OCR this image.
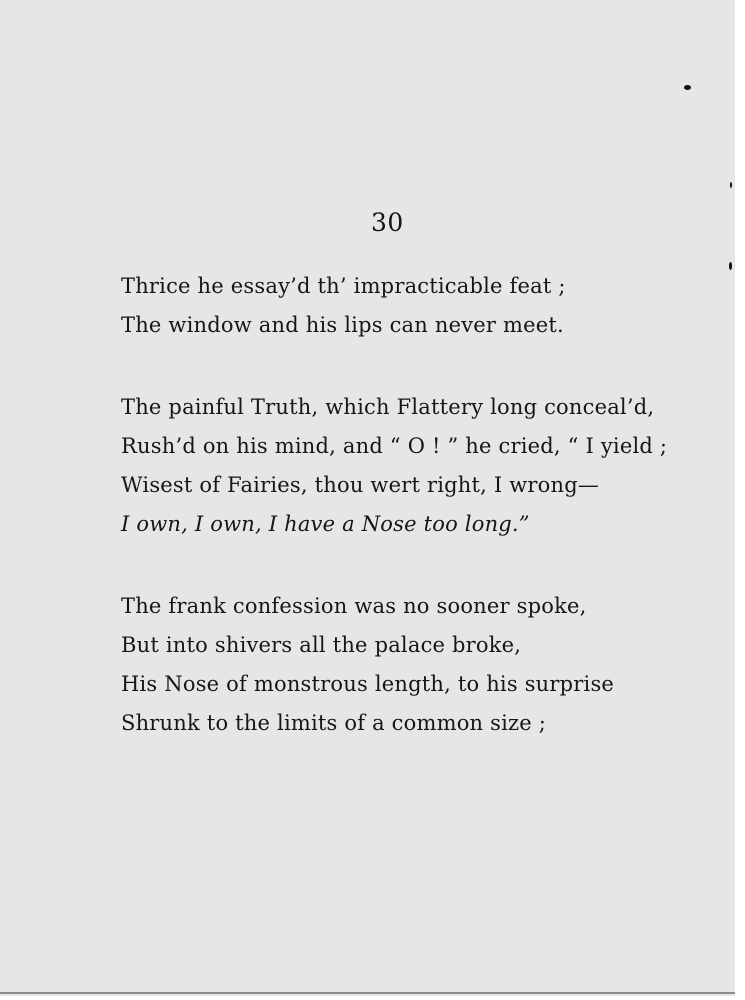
30
Thrice he essay’d th’ impracticable feat ;
The window and his lips can never meet.
The painful Truth, which Flattery long conceal’d,
Rush’d on his mind, and “ O ! ” he cried, “ I yield ;
Wisest of Fairies, thou wert right, I wrong—
I own, I own, I have a Nose too long.”
The frank confession was no sooner spoke,
But into shivers all the palace broke,
His Nose of monstrous length, to his surprise
Shrunk to the limits of a common size ;
